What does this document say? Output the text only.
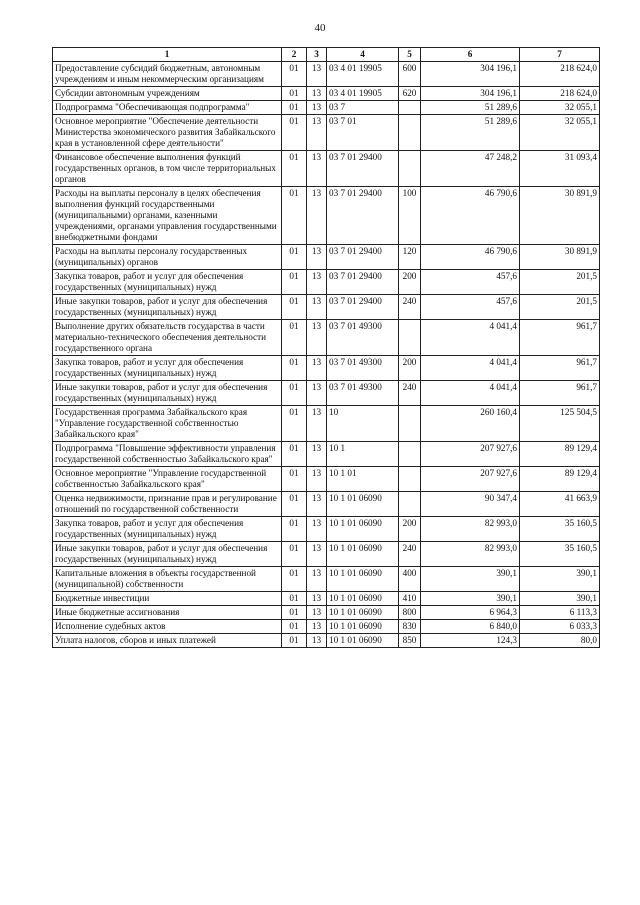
40
1	2	3	4	5	6	7
Предоставление субсидий бюджетным, автономным учреждениям и иным некоммерческим организациям	01	13	03 4 01 19905	600	304 196,1	218 624,0
Субсидии автономным учреждениям	01	13	03 4 01 19905	620	304 196,1	218 624,0
Подпрограмма "Обеспечивающая подпрограмма"	01	13	03 7		51 289,6	32 055,1
Основное мероприятие "Обеспечение деятельности Министерства экономического развития Забайкальского края в установленной сфере деятельности"	01	13	03 7 01		51 289,6	32 055,1
Финансовое обеспечение выполнения функций государственных органов, в том числе территориальных органов	01	13	03 7 01 29400		47 248,2	31 093,4
Расходы на выплаты персоналу в целях обеспечения выполнения функций государственными (муниципальными) органами, казенными учреждениями, органами управления государственными внебюджетными фондами	01	13	03 7 01 29400	100	46 790,6	30 891,9
Расходы на выплаты персоналу государственных (муниципальных) органов	01	13	03 7 01 29400	120	46 790,6	30 891,9
Закупка товаров, работ и услуг для обеспечения государственных (муниципальных) нужд	01	13	03 7 01 29400	200	457,6	201,5
Иные закупки товаров, работ и услуг для обеспечения государственных (муниципальных) нужд	01	13	03 7 01 29400	240	457,6	201,5
Выполнение других обязательств государства в части материально-технического обеспечения деятельности государственного органа	01	13	03 7 01 49300		4 041,4	961,7
Закупка товаров, работ и услуг для обеспечения государственных (муниципальных) нужд	01	13	03 7 01 49300	200	4 041,4	961,7
Иные закупки товаров, работ и услуг для обеспечения государственных (муниципальных) нужд	01	13	03 7 01 49300	240	4 041,4	961,7
Государственная программа Забайкальского края "Управление государственной собственностью Забайкальского края"	01	13	10		260 160,4	125 504,5
Подпрограмма "Повышение эффективности управления государственной собственностью Забайкальского края"	01	13	10 1		207 927,6	89 129,4
Основное мероприятие "Управление государственной собственностью Забайкальского края"	01	13	10 1 01		207 927,6	89 129,4
Оценка недвижимости, признание прав и регулирование отношений по государственной собственности	01	13	10 1 01 06090		90 347,4	41 663,9
Закупка товаров, работ и услуг для обеспечения государственных (муниципальных) нужд	01	13	10 1 01 06090	200	82 993,0	35 160,5
Иные закупки товаров, работ и услуг для обеспечения государственных (муниципальных) нужд	01	13	10 1 01 06090	240	82 993,0	35 160,5
Капитальные вложения в объекты государственной (муниципальной) собственности	01	13	10 1 01 06090	400	390,1	390,1
Бюджетные инвестиции	01	13	10 1 01 06090	410	390,1	390,1
Иные бюджетные ассигнования	01	13	10 1 01 06090	800	6 964,3	6 113,3
Исполнение судебных актов	01	13	10 1 01 06090	830	6 840,0	6 033,3
Уплата налогов, сборов и иных платежей	01	13	10 1 01 06090	850	124,3	80,0
